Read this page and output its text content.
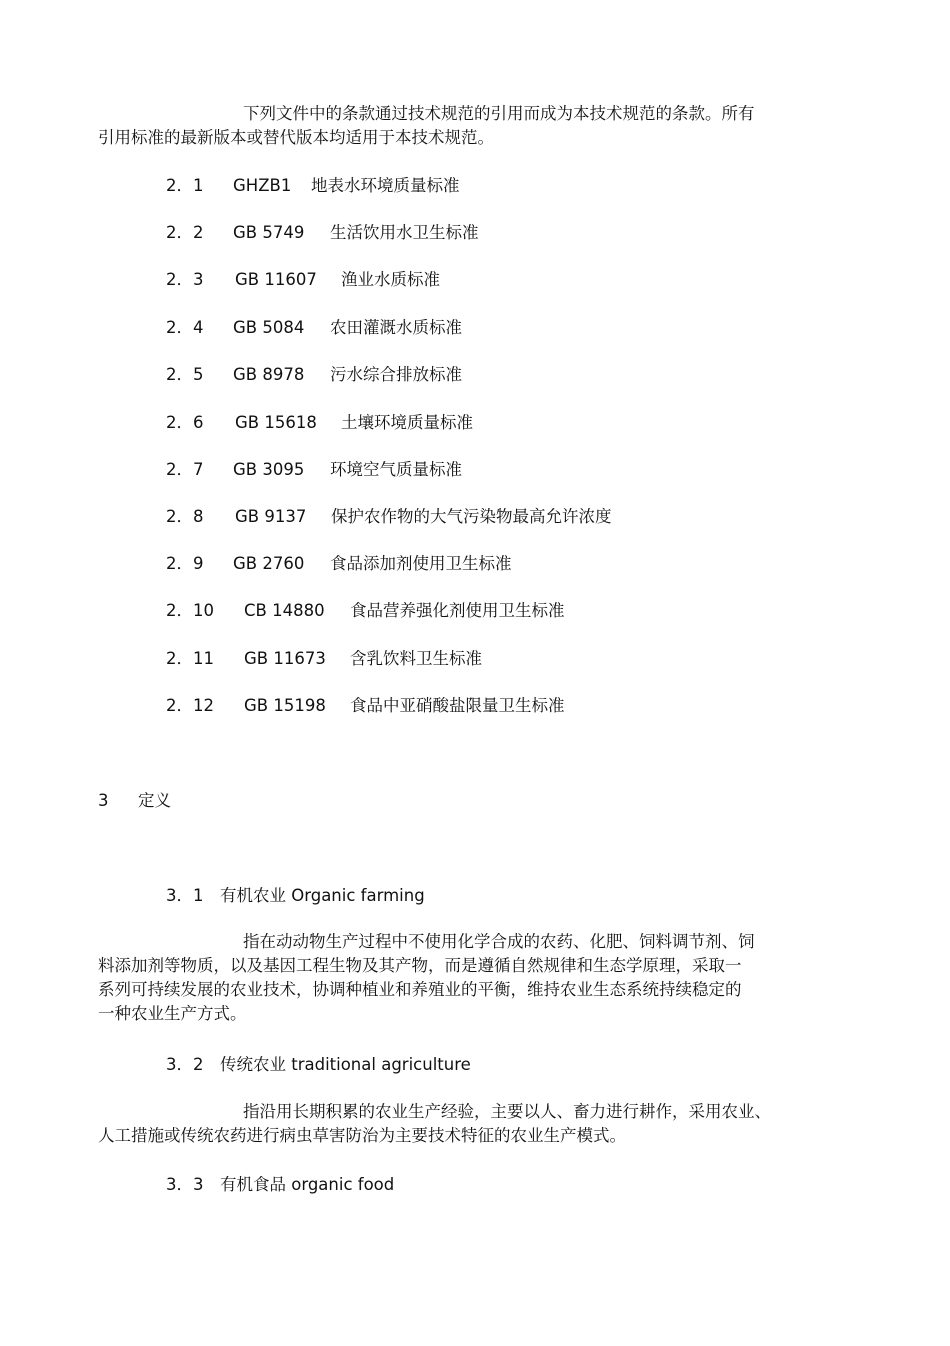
下列文件中的条款通过技术规范的引用而成为本技术规范的条款。所有
引用标准的最新版本或替代版本均适用于本技术规范。
2．1 GHZB1 地表水环境质量标准
2．2 GB 5749 生活饮用水卫生标准
2．3 GB 11607 渔业水质标准
2．4 GB 5084 农田灌溉水质标准
2．5 GB 8978 污水综合排放标准
2．6 GB 15618 土壤环境质量标准
2．7 GB 3095 环境空气质量标准
2．8 GB 9137 保护农作物的大气污染物最高允许浓度
2．9 GB 2760 食品添加剂使用卫生标准
2．10 CB 14880 食品营养强化剂使用卫生标准
2．11 GB 11673 含乳饮料卫生标准
2．12 GB 15198 食品中亚硝酸盐限量卫生标准
3 定义
3．1　有机农业 Organic farming
指在动动物生产过程中不使用化学合成的农药、化肥、饲料调节剂、饲
料添加剂等物质，以及基因工程生物及其产物，而是遵循自然规律和生态学原理，采取一
系列可持续发展的农业技术，协调种植业和养殖业的平衡，维持农业生态系统持续稳定的
一种农业生产方式。
3．2　传统农业 traditional agriculture
指沿用长期积累的农业生产经验，主要以人、畜力进行耕作，采用农业、
人工措施或传统农药进行病虫草害防治为主要技术特征的农业生产模式。
3．3　有机食品 organic food
